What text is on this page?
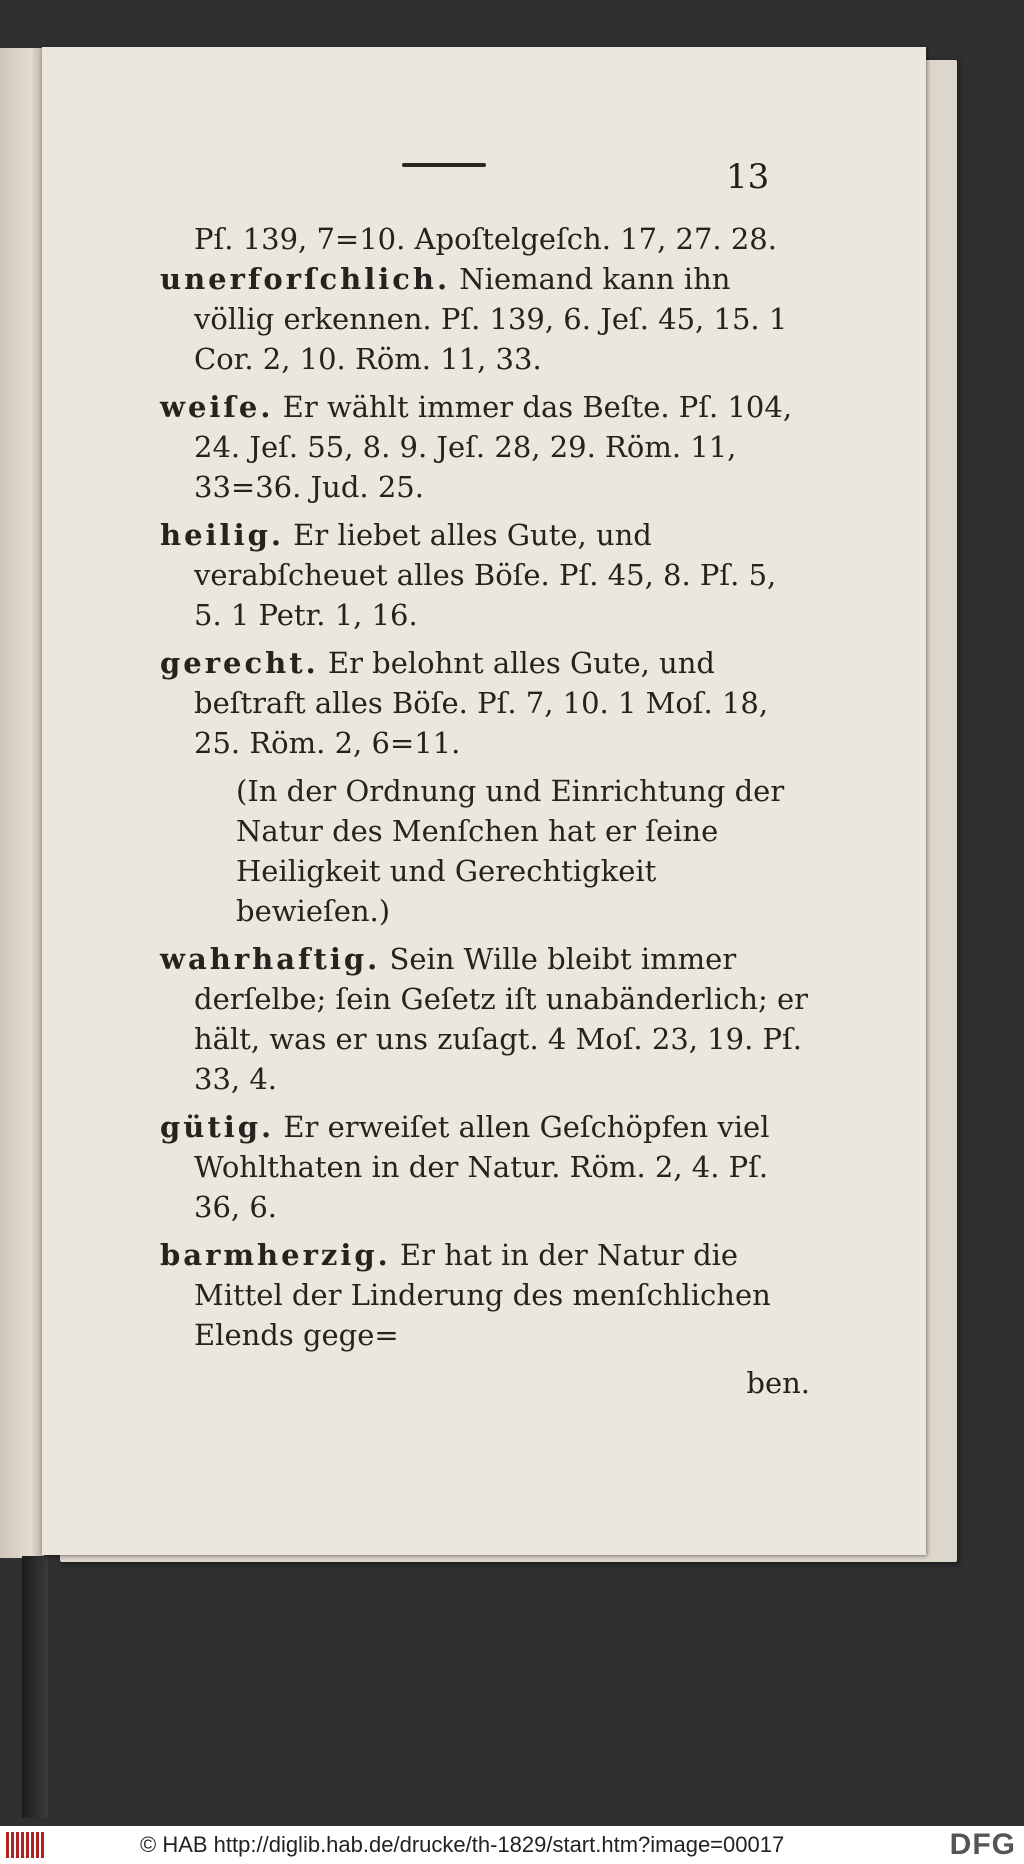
13
Pſ. 139, 7=10. Apoſtelgeſch. 17, 27. 28.
unerforſchlich. Niemand kann ihn völlig erkennen. Pſ. 139, 6. Jeſ. 45, 15. 1 Cor. 2, 10. Röm. 11, 33.
weiſe. Er wählt immer das Beſte. Pſ. 104, 24. Jeſ. 55, 8. 9. Jeſ. 28, 29. Röm. 11, 33=36. Jud. 25.
heilig. Er liebet alles Gute, und verabſcheuet alles Böſe. Pſ. 45, 8. Pſ. 5, 5. 1 Petr. 1, 16.
gerecht. Er belohnt alles Gute, und beſtraft alles Böſe. Pſ. 7, 10. 1 Moſ. 18, 25. Röm. 2, 6=11.
(In der Ordnung und Einrichtung der Natur des Menſchen hat er ſeine Heiligkeit und Gerechtigkeit bewieſen.)
wahrhaftig. Sein Wille bleibt immer derſelbe; ſein Geſetz iſt unabänderlich; er hält, was er uns zuſagt. 4 Moſ. 23, 19. Pſ. 33, 4.
gütig. Er erweiſet allen Geſchöpfen viel Wohlthaten in der Natur. Röm. 2, 4. Pſ. 36, 6.
barmherzig. Er hat in der Natur die Mittel der Linderung des menſchlichen Elends gege=
ben.
© HAB http://diglib.hab.de/drucke/th-1829/start.htm?image=00017	DFG
